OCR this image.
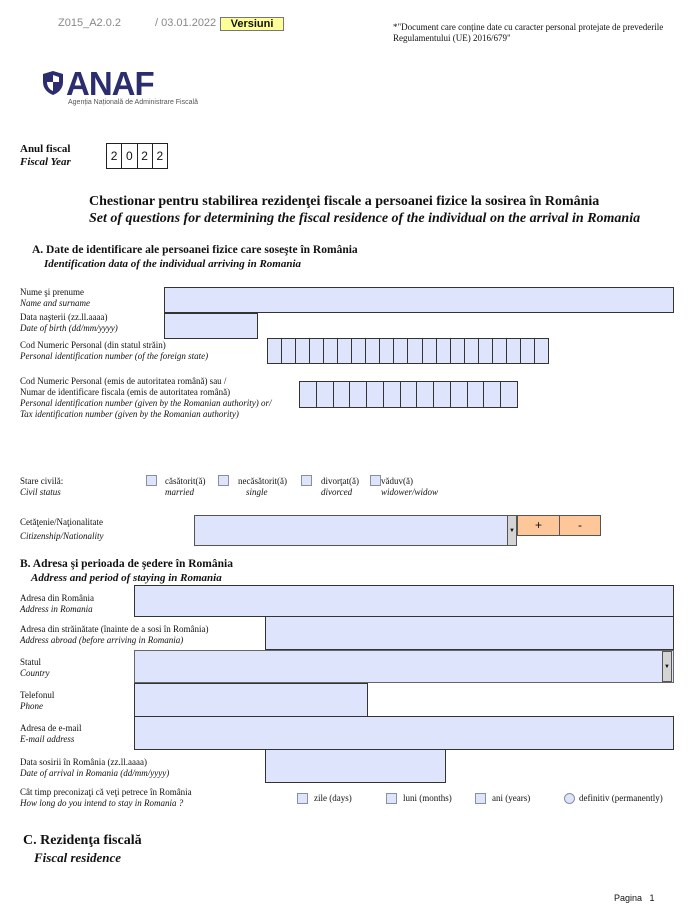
Z015_A2.0.2	/ 03.01.2022	Versiuni	*"Document care conține date cu caracter personal protejate de prevederile
Regulamentului (UE) 2016/679"
ANAF
Agenția Națională de Administrare Fiscală
Anul fiscal
Fiscal Year	2 0 2 2
Chestionar pentru stabilirea rezidenţei fiscale a persoanei fizice la sosirea în România
Set of questions for determining the fiscal residence of the individual on the arrival in Romania
A. Date de identificare ale persoanei fizice care soseşte în România
Identification data of the individual arriving in Romania
Nume şi prenume
Name and surname
Data naşterii (zz.ll.aaaa)
Date of birth (dd/mm/yyyy)
Cod Numeric Personal (din statul străin)
Personal identification number (of the foreign state)
Cod Numeric Personal (emis de autoritatea română) sau /
Numar de identificare fiscala (emis de autoritatea română)
Personal identification number (given by the Romanian authority) or/
Tax identification number (given by the Romanian authority)
Stare civilă:
Civil status
căsătorit(ă)
married
necăsătorit(ă)
single
divorţat(ă)
divorced
văduv(ă)
widower/widow
Cetăţenie/Naţionalitate
Citizenship/Nationality
▼	+	-
B. Adresa şi perioada de şedere în România
Address and period of staying in Romania
Adresa din România
Address in Romania
Adresa din străinătate (înainte de a sosi în România)
Address abroad (before arriving in Romania)
Statul
Country
▼
Telefonul
Phone
Adresa de e-mail
E-mail address
Data sosirii în România (zz.ll.aaaa)
Date of arrival in Romania (dd/mm/yyyy)
Cât timp preconizaţi că veţi petrece în România
How long do you intend to stay in Romania ?	zile (days)	luni (months)	ani (years)	definitiv (permanently)
C. Rezidenţa fiscală
Fiscal residence
Pagina   1
